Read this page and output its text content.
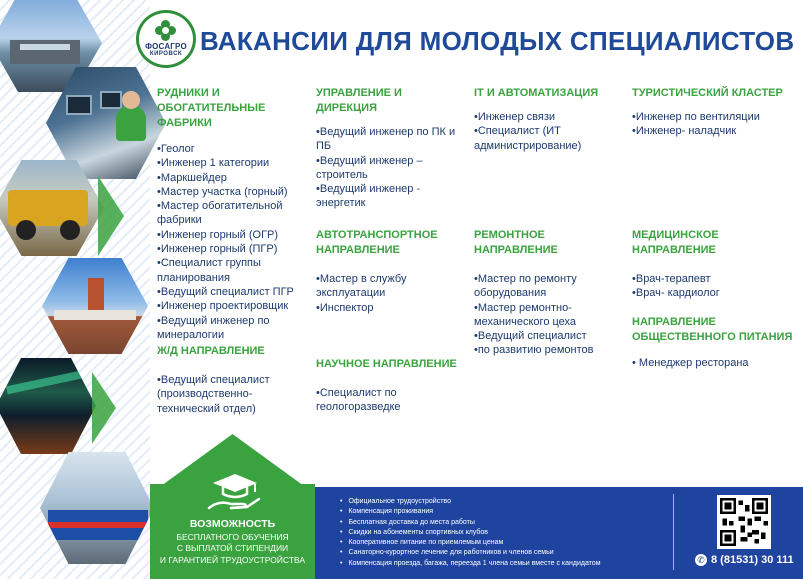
ФОСАГРО
КИРОВСК ВАКАНСИИ ДЛЯ МОЛОДЫХ СПЕЦИАЛИСТОВ
РУДНИКИ И ОБОГАТИТЕЛЬНЫЕ ФАБРИКИ
•Геолог
•Инженер 1 категории
•Маркшейдер
•Мастер участка (горный)
•Мастер обогатительной фабрики
•Инженер горный (ОГР)
•Инженер горный (ПГР)
•Специалист группы планирования
•Ведущий специалист ПГР
•Инженер проектировщик
•Ведущий инженер по минералогии
Ж/Д НАПРАВЛЕНИЕ
•Ведущий специалист (производственно-технический отдел)
УПРАВЛЕНИЕ И ДИРЕКЦИЯ
•Ведущий инженер по ПК и ПБ
•Ведущий инженер – строитель
•Ведущий инженер - энергетик
АВТОТРАНСПОРТНОЕ НАПРАВЛЕНИЕ
•Мастер в службу эксплуатации
•Инспектор
НАУЧНОЕ НАПРАВЛЕНИЕ
•Специалист по геологоразведке
IT И АВТОМАТИЗАЦИЯ
•Инженер связи
•Специалист (ИТ администрирование)
РЕМОНТНОЕ НАПРАВЛЕНИЕ
•Мастер по ремонту оборудования
•Мастер ремонтно-механического цеха
•Ведущий специалист
•по развитию ремонтов
ТУРИСТИЧЕСКИЙ КЛАСТЕР
•Инженер по вентиляции
•Инженер- наладчик
МЕДИЦИНСКОЕ НАПРАВЛЕНИЕ
•Врач-терапевт
•Врач- кардиолог
НАПРАВЛЕНИЕ ОБЩЕСТВЕННОГО ПИТАНИЯ
• Менеджер ресторана
ВОЗМОЖНОСТЬ
БЕСПЛАТНОГО ОБУЧЕНИЯ
С ВЫПЛАТОЙ СТИПЕНДИИ
И ГАРАНТИЕЙ ТРУДОУСТРОЙСТВА
• Официальное трудоустройство
• Компенсация проживания
• Бесплатная доставка до места работы
• Скидки на абонементы спортивных клубов
• Кооперативное питание по приемлемым ценам
• Санаторно-курортное лечение для работников и членов семьи
• Компенсация проезда, багажа, переезда 1 члена семьи вместе с кандидатом	✆ 8 (81531) 30 111
